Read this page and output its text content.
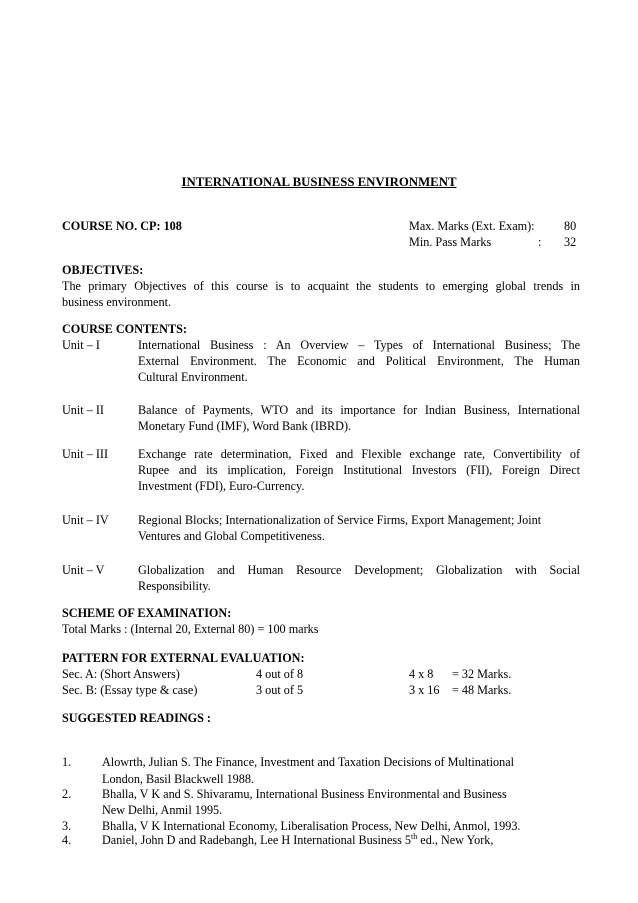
INTERNATIONAL BUSINESS ENVIRONMENT
COURSE NO. CP: 108	Max. Marks (Ext. Exam): 80
Min. Pass Marks	: 32
OBJECTIVES:
The primary Objectives of this course is to acquaint the students to emerging global trends in
business environment.
COURSE CONTENTS:
Unit – I	International Business : An Overview – Types of International Business; The
External Environment. The Economic and Political Environment, The Human
Cultural Environment.
Unit – II	Balance of Payments, WTO and its importance for Indian Business, International
Monetary Fund (IMF), Word Bank (IBRD).
Unit – III Exchange rate determination, Fixed and Flexible exchange rate, Convertibility of
Rupee and its implication, Foreign Institutional Investors (FII), Foreign Direct
Investment (FDI), Euro-Currency.
Unit – IV Regional Blocks; Internationalization of Service Firms, Export Management; Joint
Ventures and Global Competitiveness.
Unit – V	Globalization and Human Resource Development; Globalization with Social
Responsibility.
SCHEME OF EXAMINATION:
Total Marks : (Internal 20, External 80) = 100 marks
PATTERN FOR EXTERNAL EVALUATION:
Sec. A: (Short Answers)	4 out of 8	4 x 8 = 32 Marks.
Sec. B: (Essay type & case)	3 out of 5	3 x 16 = 48 Marks.
SUGGESTED READINGS :
1.	Alowrth, Julian S. The Finance, Investment and Taxation Decisions of Multinational
London, Basil Blackwell 1988.
2.	Bhalla, V K and S. Shivaramu, International Business Environmental and Business
New Delhi, Anmil 1995.
3.	Bhalla, V K International Economy, Liberalisation Process, New Delhi, Anmol, 1993.
4.	Daniel, John D and Radebangh, Lee H International Business 5th ed., New York,
